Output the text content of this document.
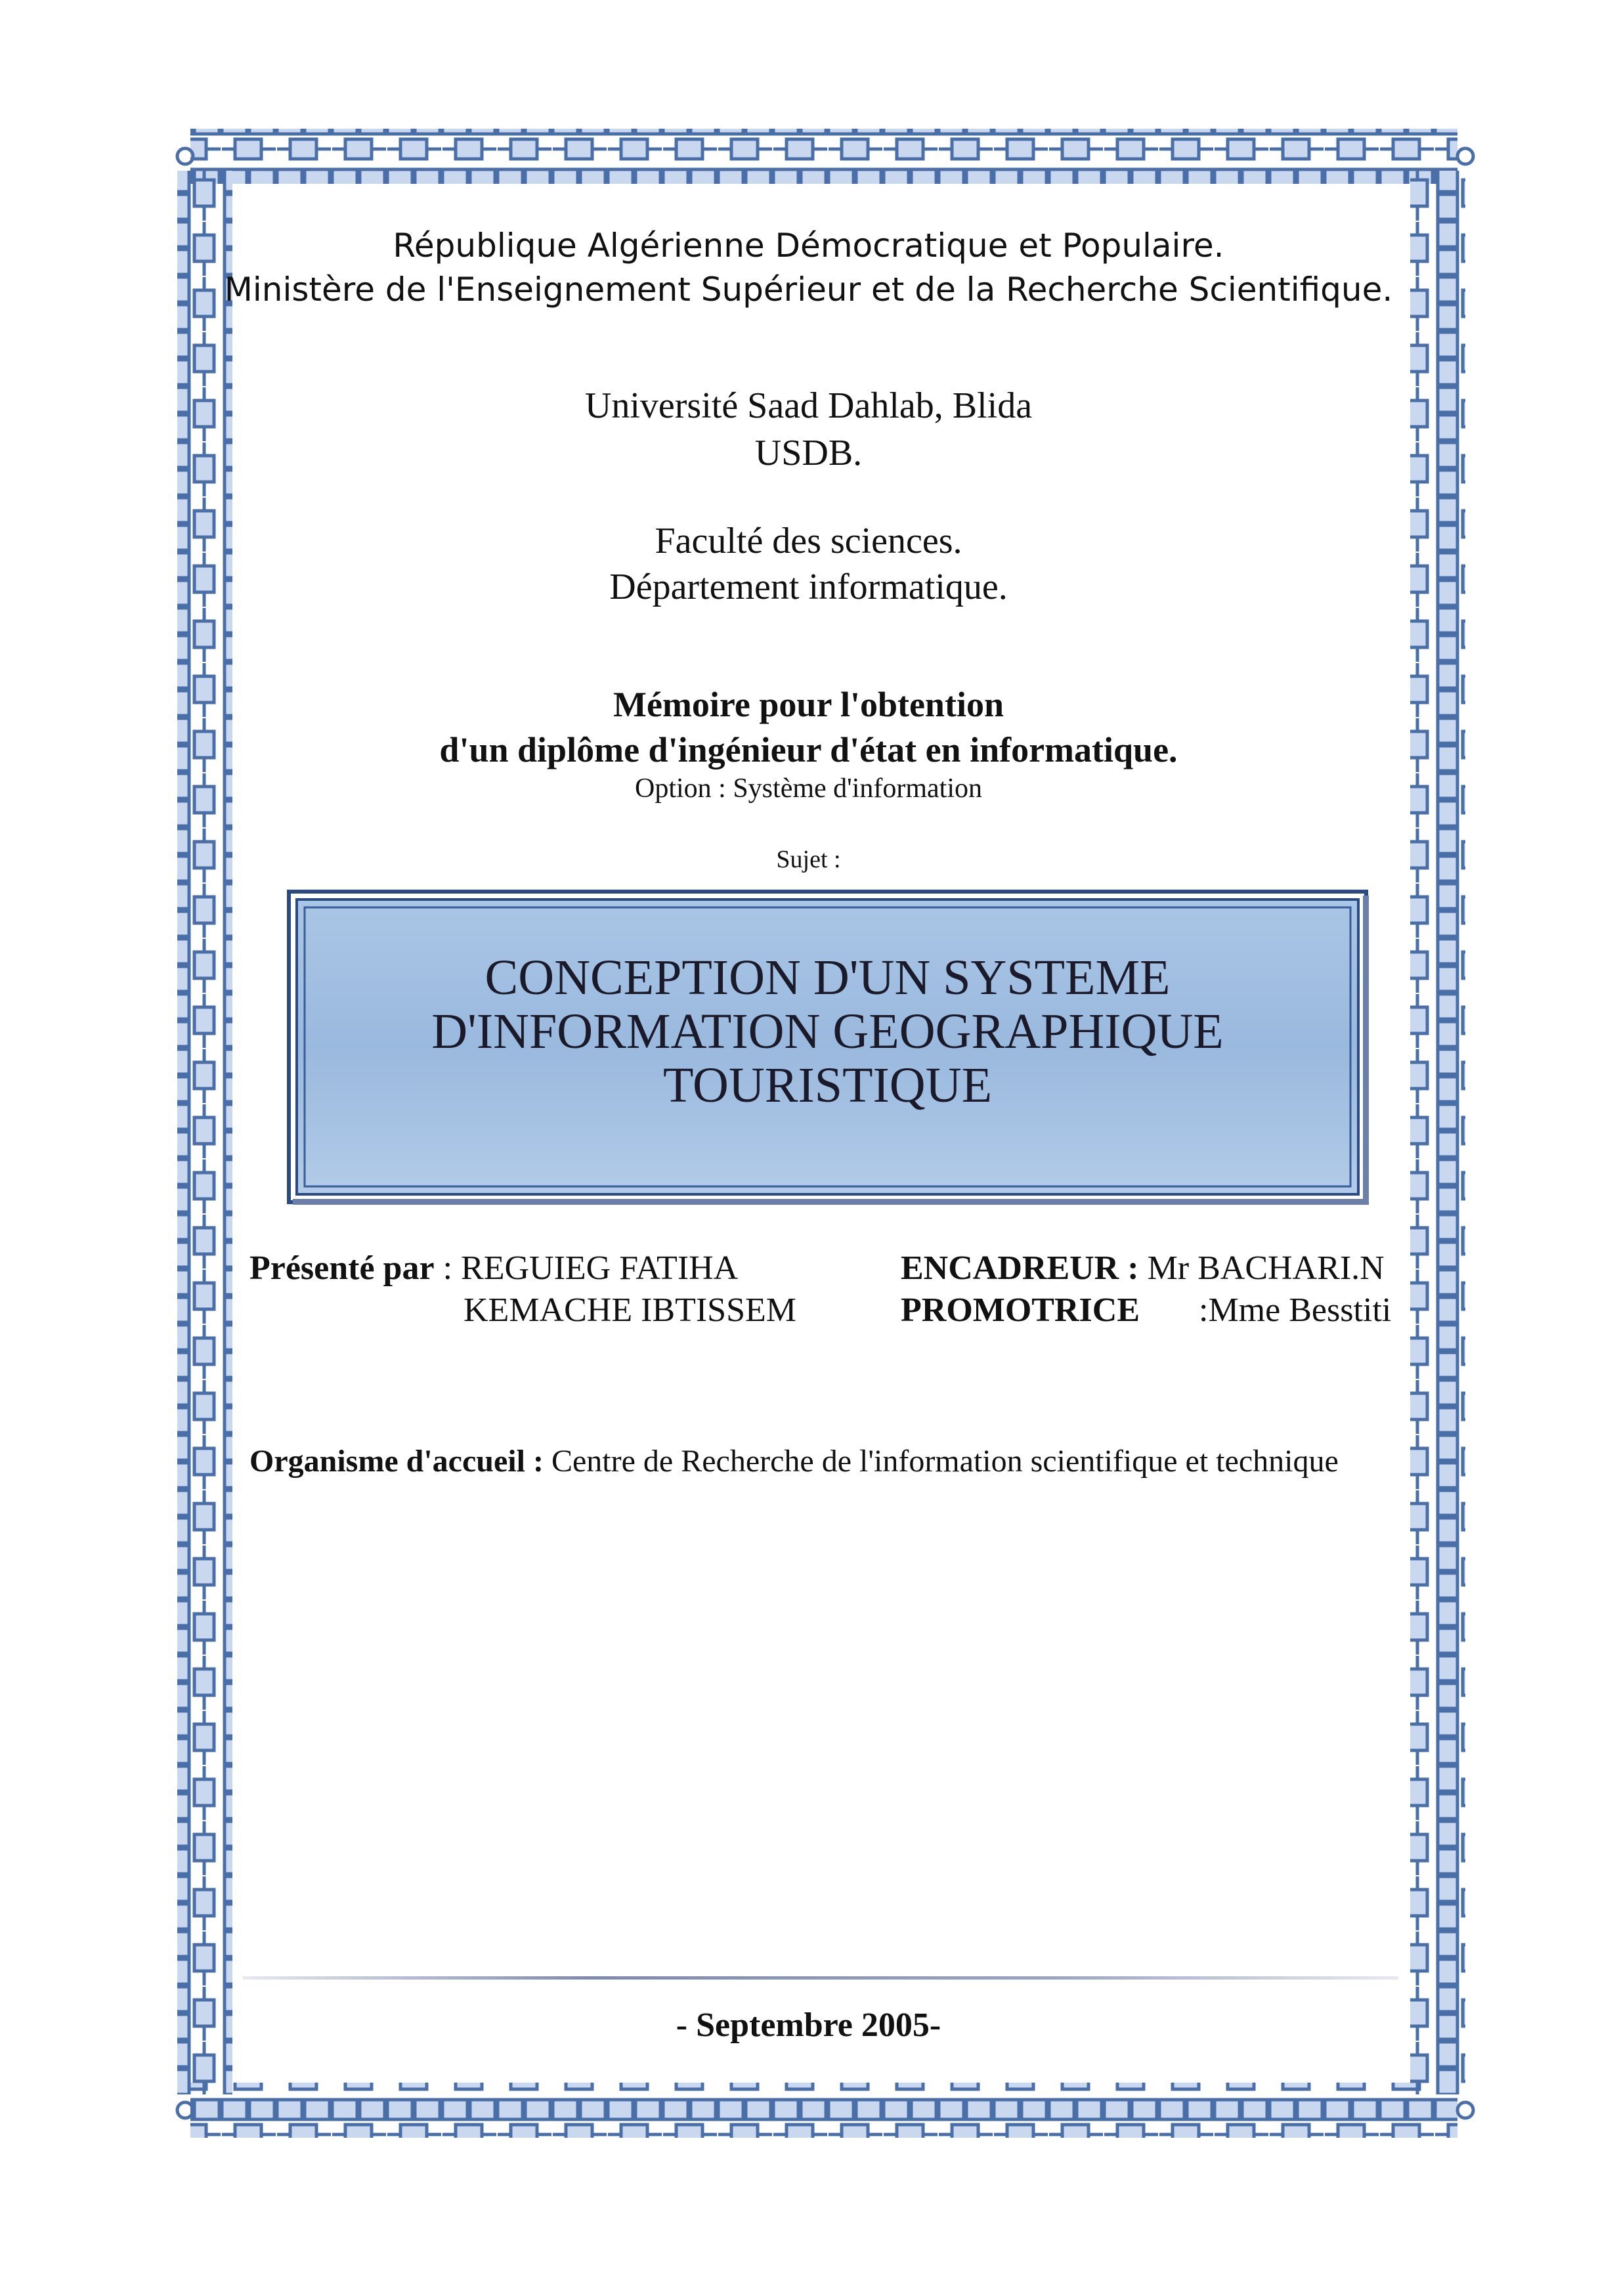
République Algérienne Démocratique et Populaire.
Ministère de l'Enseignement Supérieur et de la Recherche Scientifique.
Université Saad Dahlab, Blida
USDB.
Faculté des sciences.
Département informatique.
Mémoire pour l'obtention
d'un diplôme d'ingénieur d'état en informatique.
Option : Système d'information
Sujet :
CONCEPTION D'UN SYSTEME
D'INFORMATION GEOGRAPHIQUE
TOURISTIQUE
Présenté par : REGUIEG FATIHA
KEMACHE IBTISSEM
ENCADREUR : Mr BACHARI.N
PROMOTRICE :Mme Besstiti
Organisme d'accueil : Centre de Recherche de l'information scientifique et technique
- Septembre 2005-
